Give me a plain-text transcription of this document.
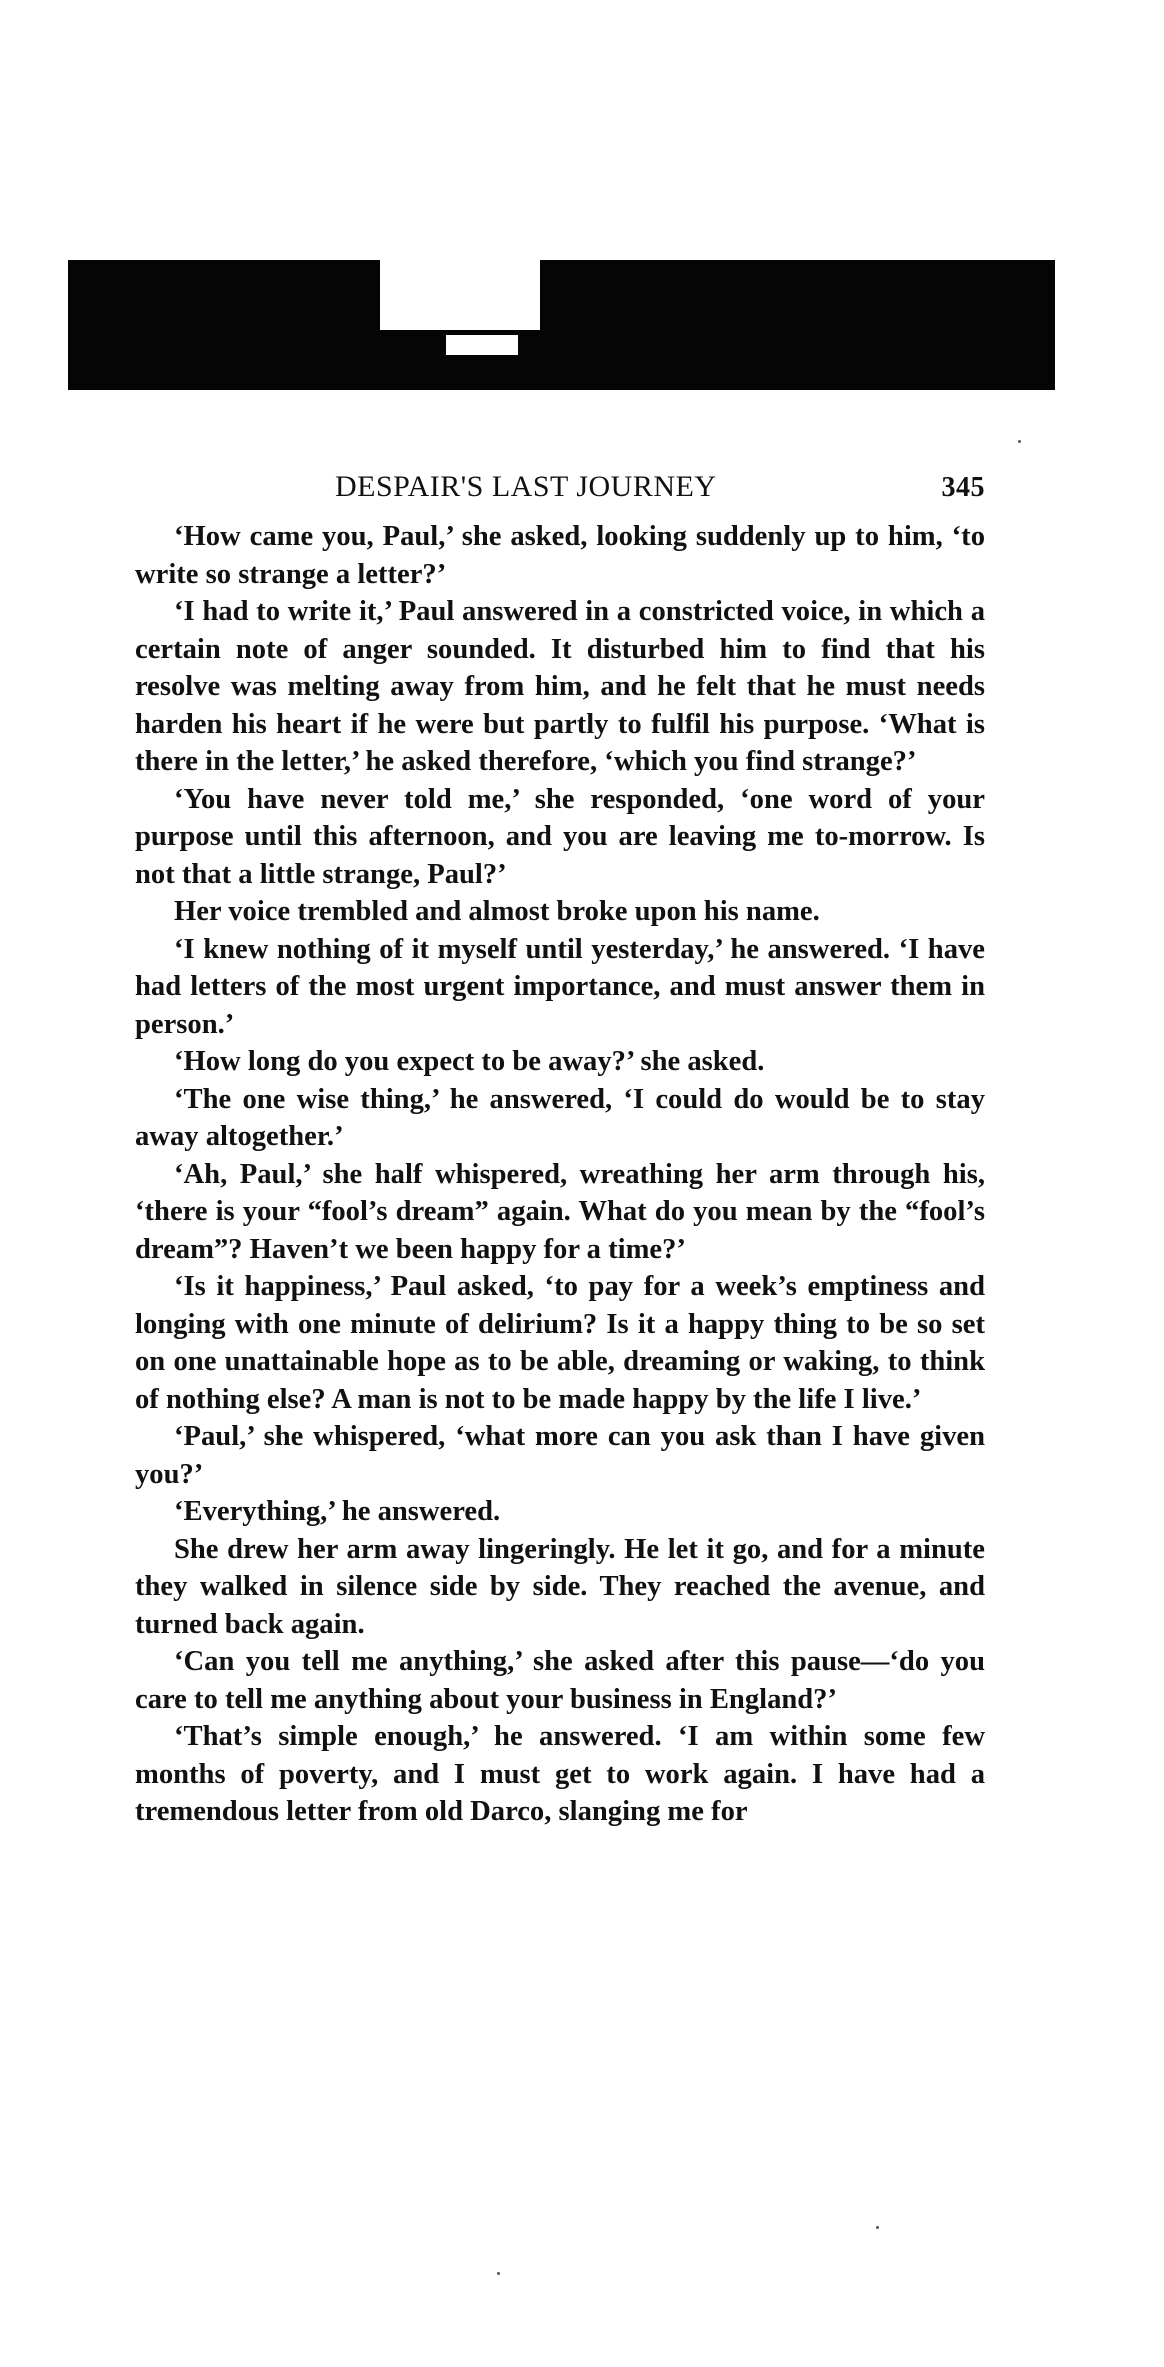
DESPAIR'S LAST JOURNEY	345

‘How came you, Paul,’ she asked, looking suddenly up to him, ‘to write so strange a letter?’

‘I had to write it,’ Paul answered in a constricted voice, in which a certain note of anger sounded. It disturbed him to find that his resolve was melting away from him, and he felt that he must needs harden his heart if he were but partly to fulfil his purpose. ‘What is there in the letter,’ he asked therefore, ‘which you find strange?’

‘You have never told me,’ she responded, ‘one word of your purpose until this afternoon, and you are leaving me to-morrow. Is not that a little strange, Paul?’

Her voice trembled and almost broke upon his name.

‘I knew nothing of it myself until yesterday,’ he answered. ‘I have had letters of the most urgent importance, and must answer them in person.’

‘How long do you expect to be away?’ she asked.

‘The one wise thing,’ he answered, ‘I could do would be to stay away altogether.’

‘Ah, Paul,’ she half whispered, wreathing her arm through his, ‘there is your “fool’s dream” again. What do you mean by the “fool’s dream”? Haven’t we been happy for a time?’

‘Is it happiness,’ Paul asked, ‘to pay for a week’s emptiness and longing with one minute of delirium? Is it a happy thing to be so set on one unattainable hope as to be able, dreaming or waking, to think of nothing else? A man is not to be made happy by the life I live.’

‘Paul,’ she whispered, ‘what more can you ask than I have given you?’

‘Everything,’ he answered.

She drew her arm away lingeringly. He let it go, and for a minute they walked in silence side by side. They reached the avenue, and turned back again.

‘Can you tell me anything,’ she asked after this pause—‘do you care to tell me anything about your business in England?’

‘That’s simple enough,’ he answered. ‘I am within some few months of poverty, and I must get to work again. I have had a tremendous letter from old Darco, slanging me for
